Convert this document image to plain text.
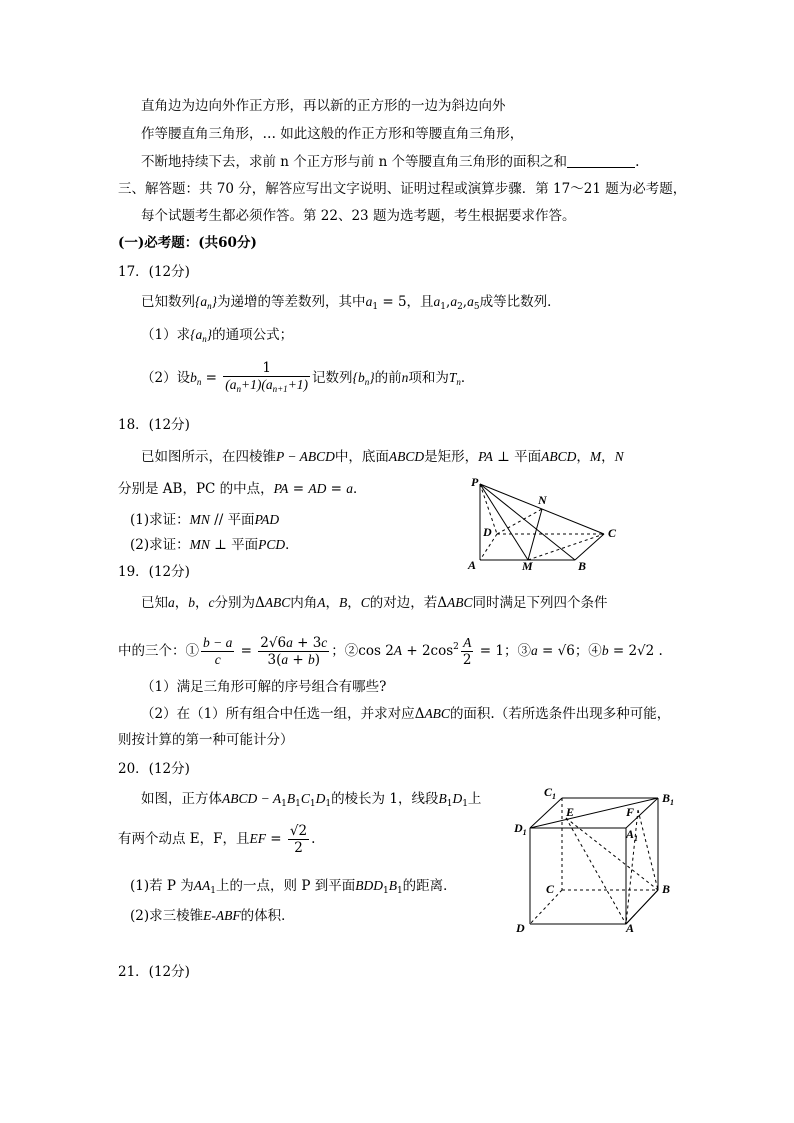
直角边为边向外作正方形，再以新的正方形的一边为斜边向外
作等腰直角三角形，… 如此这般的作正方形和等腰直角三角形，
不断地持续下去，求前 n 个正方形与前 n 个等腰直角三角形的面积之和	.
三、解答题：共 70 分，解答应写出文字说明、证明过程或演算步骤．第 17～21 题为必考题，
每个试题考生都必须作答。第 22、23 题为选考题，考生根据要求作答。
(一)必考题：(共60分)
17．(12分)
已知数列$\{a_n\}$为递增的等差数列，其中$a_1 = 5$，且$a_1,a_2,a_5$成等比数列．
（1）求$\{a_n\}$的通项公式；
（2）设$b_n = \frac{1}{(a_n+1)(a_{n+1}+1)}$ 记数列$\{b_n\}$的前n项和为$T_n$．
18．(12分)
已如图所示，在四棱锥P − ABCD中，底面ABCD是矩形，PA ⊥ 平面ABCD，M，N
分别是 AB，PC 的中点，PA = AD = a．
(1)求证：MN // 平面PAD
(2)求证：MN ⊥ 平面PCD．
P
N
D	C
A	M	B
19．(12分)
已知a，b，c分别为ΔABC内角A，B，C的对边，若ΔABC同时满足下列四个条件
中的三个：① $\frac{b - a}{c} = \frac{2√6a + 3c}{3(a + b)}$ ；②cos $2A + 2\cos^2 \frac{A}{2} = 1$；③a = √6；④b = 2√2 .
（1）满足三角形可解的序号组合有哪些?
（2）在（1）所有组合中任选一组，并求对应ΔABC的面积.（若所选条件出现多种可能，
则按计算的第一种可能计分）
20．(12分)
如图，正方体ABCD − $A_1B_1C_1D_1$的棱长为 1，线段$B_1D_1$上
有两个动点 E，F，且EF = $\frac{√2}{2}$ .
(1)若 P 为$AA_1$上的一点，则 P 到平面$BDD_1B_1$的距离．
(2)求三棱锥E-ABF的体积．
$C_1$	$B_1$
$D_1$
E	F
$A_1$
C	B
D	A
21．(12分)
